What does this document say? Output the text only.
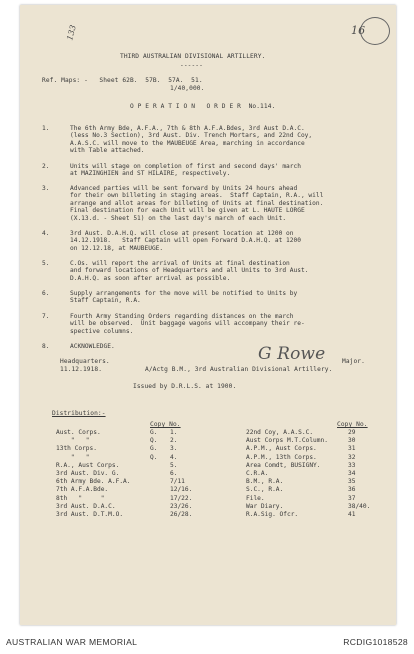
16
133
THIRD AUSTRALIAN DIVISIONAL ARTILLERY.
------
Ref. Maps: -   Sheet 62B.  57B.  57A.  51.
1/40,000.
O P E R A T I O N   O R D E R  No.114.
1.	The 6th Army Bde, A.F.A., 7th & 8th A.F.A.Bdes, 3rd Aust D.A.C.
(less No.3 Section), 3rd Aust. Div. Trench Mortars, and 22nd Coy,
A.A.S.C. will move to the MAUBEUGE Area, marching in accordance
with Table attached.
2.	Units will stage on completion of first and second days' march
at MAZINGHIEN and ST HILAIRE, respectively.
3.	Advanced parties will be sent forward by Units 24 hours ahead
for their own billeting in staging areas.  Staff Captain, R.A., will
arrange and allot areas for billeting of Units at final destination.
Final destination for each Unit will be given at L. HAUTE LORGE
(X.13.d. - Sheet 51) on the last day's march of each Unit.
4.	3rd Aust. D.A.H.Q. will close at present location at 1200 on
14.12.1918.   Staff Captain will open Forward D.A.H.Q. at 1200
on 12.12.18, at MAUBEUGE.
5.	C.Os. will report the arrival of Units at final destination
and forward locations of Headquarters and all Units to 3rd Aust.
D.A.H.Q. as soon after arrival as possible.
6.	Supply arrangements for the move will be notified to Units by
Staff Captain, R.A.
7.	Fourth Army Standing Orders regarding distances on the march
will be observed.  Unit baggage wagons will accompany their re-
spective columns.
8.	ACKNOWLEDGE.
Headquarters.
11.12.1918.
G Rowe	Major.
A/Actg B.M., 3rd Australian Divisional Artillery.
Issued by D.R.L.S. at 1900.
Distribution:-
Copy No.	Copy No.
Aust. Corps.	G. 1.
"   "	Q. 2.
13th Corps.	G. 3.
"   "	Q. 4.
R.A., Aust Corps.	5.
3rd Aust. Div. G.	6.
6th Army Bde. A.F.A.	7/11
7th A.F.A.Bde.	12/16.
8th   "     "	17/22.
3rd Aust. D.A.C.	23/26.
3rd Aust. D.T.M.O.	26/28.
22nd Coy, A.A.S.C.	29
Aust Corps M.T.Column.	30
A.P.M., Aust Corps.	31
A.P.M., 13th Corps.	32
Area Comdt, BUSIGNY.	33
C.R.A.	34
B.M., R.A.	35
S.C., R.A.	36
File.	37
War Diary.	38/40.
R.A.Sig. Ofcr.	41
AUSTRALIAN WAR MEMORIAL	RCDIG1018528
